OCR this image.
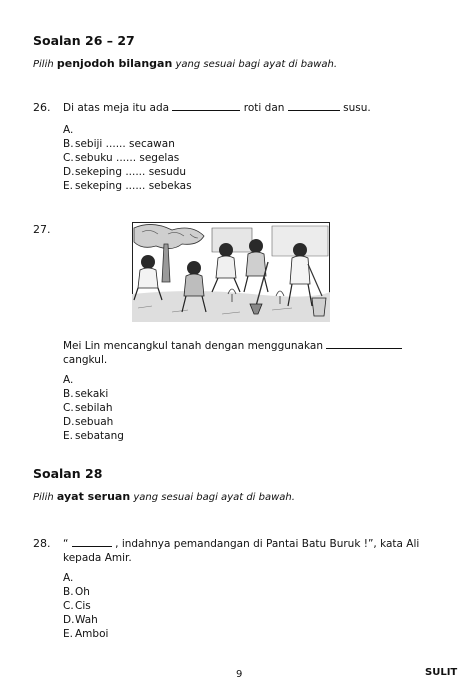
Soalan 26 – 27
Pilih penjodoh bilangan yang sesuai bagi ayat di bawah.
26. Di atas meja itu ada	roti dan	susu.
A.
B. sebiji ...... secawan
C. sebuku ...... segelas
D. sekeping ...... sesudu
E. sekeping ...... sebekas
27.
Mei Lin mencangkul tanah dengan menggunakan
cangkul.
A.
B. sekaki
C. sebilah
D. sebuah
E. sebatang
Soalan 28
Pilih ayat seruan yang sesuai bagi ayat di bawah.
28. “	, indahnya pemandangan di Pantai Batu Buruk !”, kata Ali
kepada Amir.
A.
B. Oh
C. Cis
D. Wah
E. Amboi
9	SULIT
